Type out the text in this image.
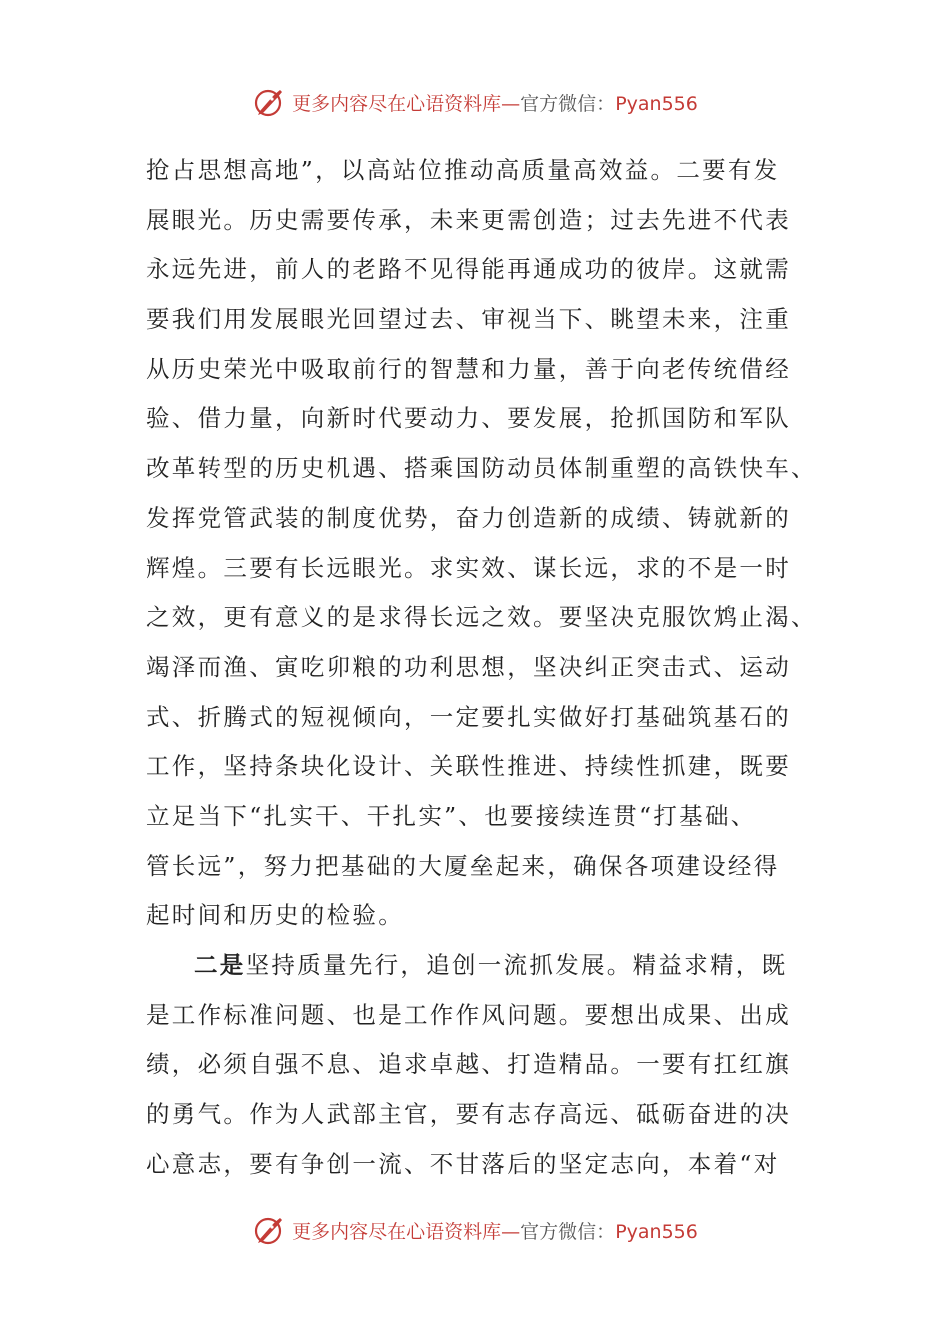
更多内容尽在心语资料库—官方微信：Pyan556
抢占思想高地”，以高站位推动高质量高效益。二要有发
展眼光。历史需要传承，未来更需创造；过去先进不代表
永远先进，前人的老路不见得能再通成功的彼岸。这就需
要我们用发展眼光回望过去、审视当下、眺望未来，注重
从历史荣光中吸取前行的智慧和力量，善于向老传统借经
验、借力量，向新时代要动力、要发展，抢抓国防和军队
改革转型的历史机遇、搭乘国防动员体制重塑的高铁快车、
发挥党管武装的制度优势，奋力创造新的成绩、铸就新的
辉煌。三要有长远眼光。求实效、谋长远，求的不是一时
之效，更有意义的是求得长远之效。要坚决克服饮鸩止渴、
竭泽而渔、寅吃卯粮的功利思想，坚决纠正突击式、运动
式、折腾式的短视倾向，一定要扎实做好打基础筑基石的
工作，坚持条块化设计、关联性推进、持续性抓建，既要
立足当下“扎实干、干扎实”、也要接续连贯“打基础、
管长远”，努力把基础的大厦垒起来，确保各项建设经得
起时间和历史的检验。
二是坚持质量先行，追创一流抓发展。精益求精，既
是工作标准问题、也是工作作风问题。要想出成果、出成
绩，必须自强不息、追求卓越、打造精品。一要有扛红旗
的勇气。作为人武部主官，要有志存高远、砥砺奋进的决
心意志，要有争创一流、不甘落后的坚定志向，本着“对
更多内容尽在心语资料库—官方微信：Pyan556
